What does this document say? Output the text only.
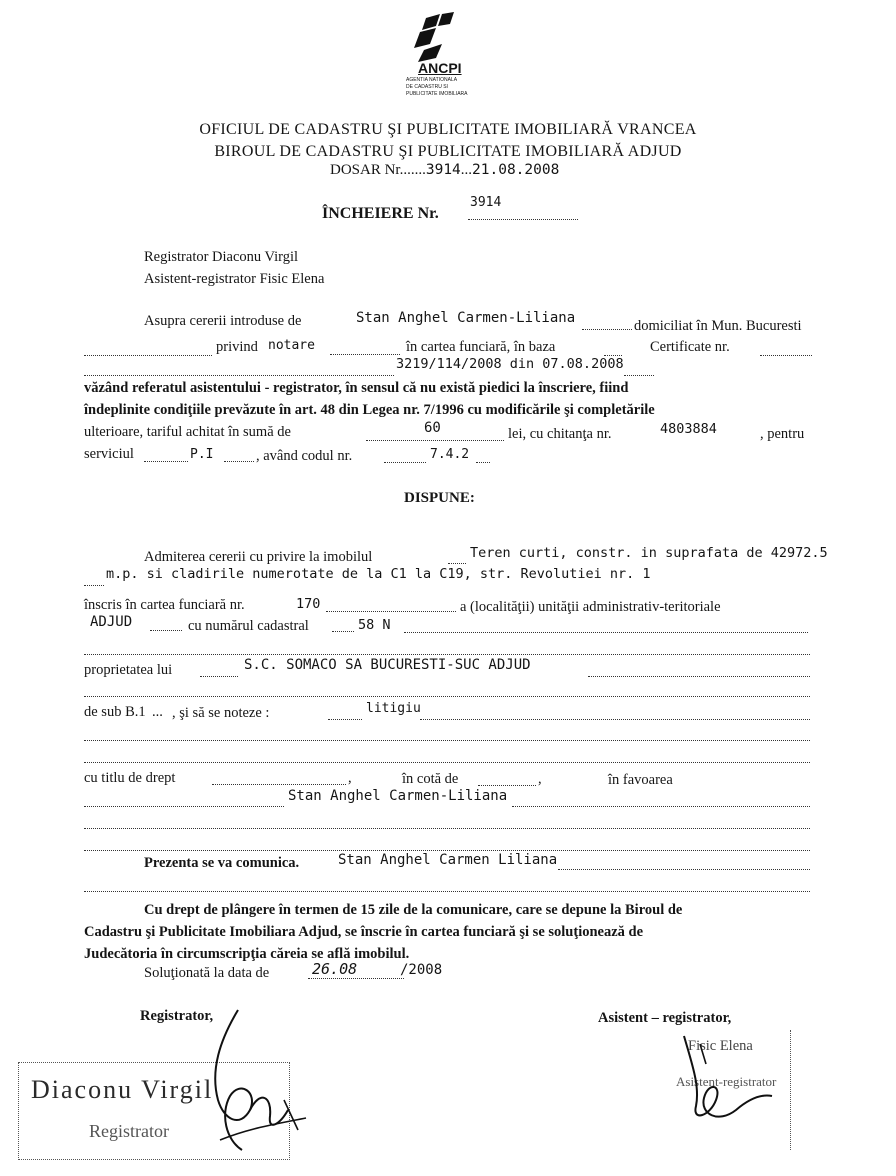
ANCPI
AGENTIA NATIONALA
DE CADASTRU SI
PUBLICITATE IMOBILIARA
OFICIUL DE CADASTRU ŞI PUBLICITATE IMOBILIARĂ VRANCEA
BIROUL DE CADASTRU ŞI PUBLICITATE IMOBILIARĂ ADJUD
DOSAR Nr.......3914...21.08.2008
ÎNCHEIERE Nr.
3914
Registrator Diaconu Virgil
Asistent-registrator Fisic Elena
Asupra cererii introduse de	Stan Anghel Carmen-Liliana	domiciliat în Mun. Bucuresti
privind notare	în cartea funciară, în baza	Certificate nr.
3219/114/2008 din 07.08.2008
văzând referatul asistentului - registrator, în sensul că nu există piedici la înscriere, fiind
îndeplinite condiţiile prevăzute în art. 48 din Legea nr. 7/1996 cu modificările şi completările
ulterioare, tariful achitat în sumă de	60	lei, cu chitanţa nr.	4803884	, pentru
serviciul	P.I	, având codul nr.	7.4.2
DISPUNE:
Admiterea cererii cu privire la imobilul	Teren curti, constr. in suprafata de 42972.5
m.p. si cladirile numerotate de la C1 la C19, str. Revolutiei nr. 1
înscris în cartea funciară nr.	170	a (localităţii) unităţii administrativ-teritoriale
ADJUD	cu numărul cadastral	58 N
proprietatea lui	S.C. SOMACO SA BUCURESTI-SUC ADJUD
de sub B.1 ... , şi să se noteze :	litigiu
cu titlu de drept	,	în cotă de	,	în favoarea
Stan Anghel Carmen-Liliana
Prezenta se va comunica.	Stan Anghel Carmen Liliana
Cu drept de plângere în termen de 15 zile de la comunicare, care se depune la Biroul de
Cadastru şi Publicitate Imobiliara Adjud, se înscrie în cartea funciară şi se soluţionează de
Judecătoria în circumscripţia căreia se află imobilul.
Soluţionată la data de	26.08	/2008
Registrator,	Asistent – registrator,
Diaconu Virgil
Registrator
Fisic Elena
Asistent-registrator
